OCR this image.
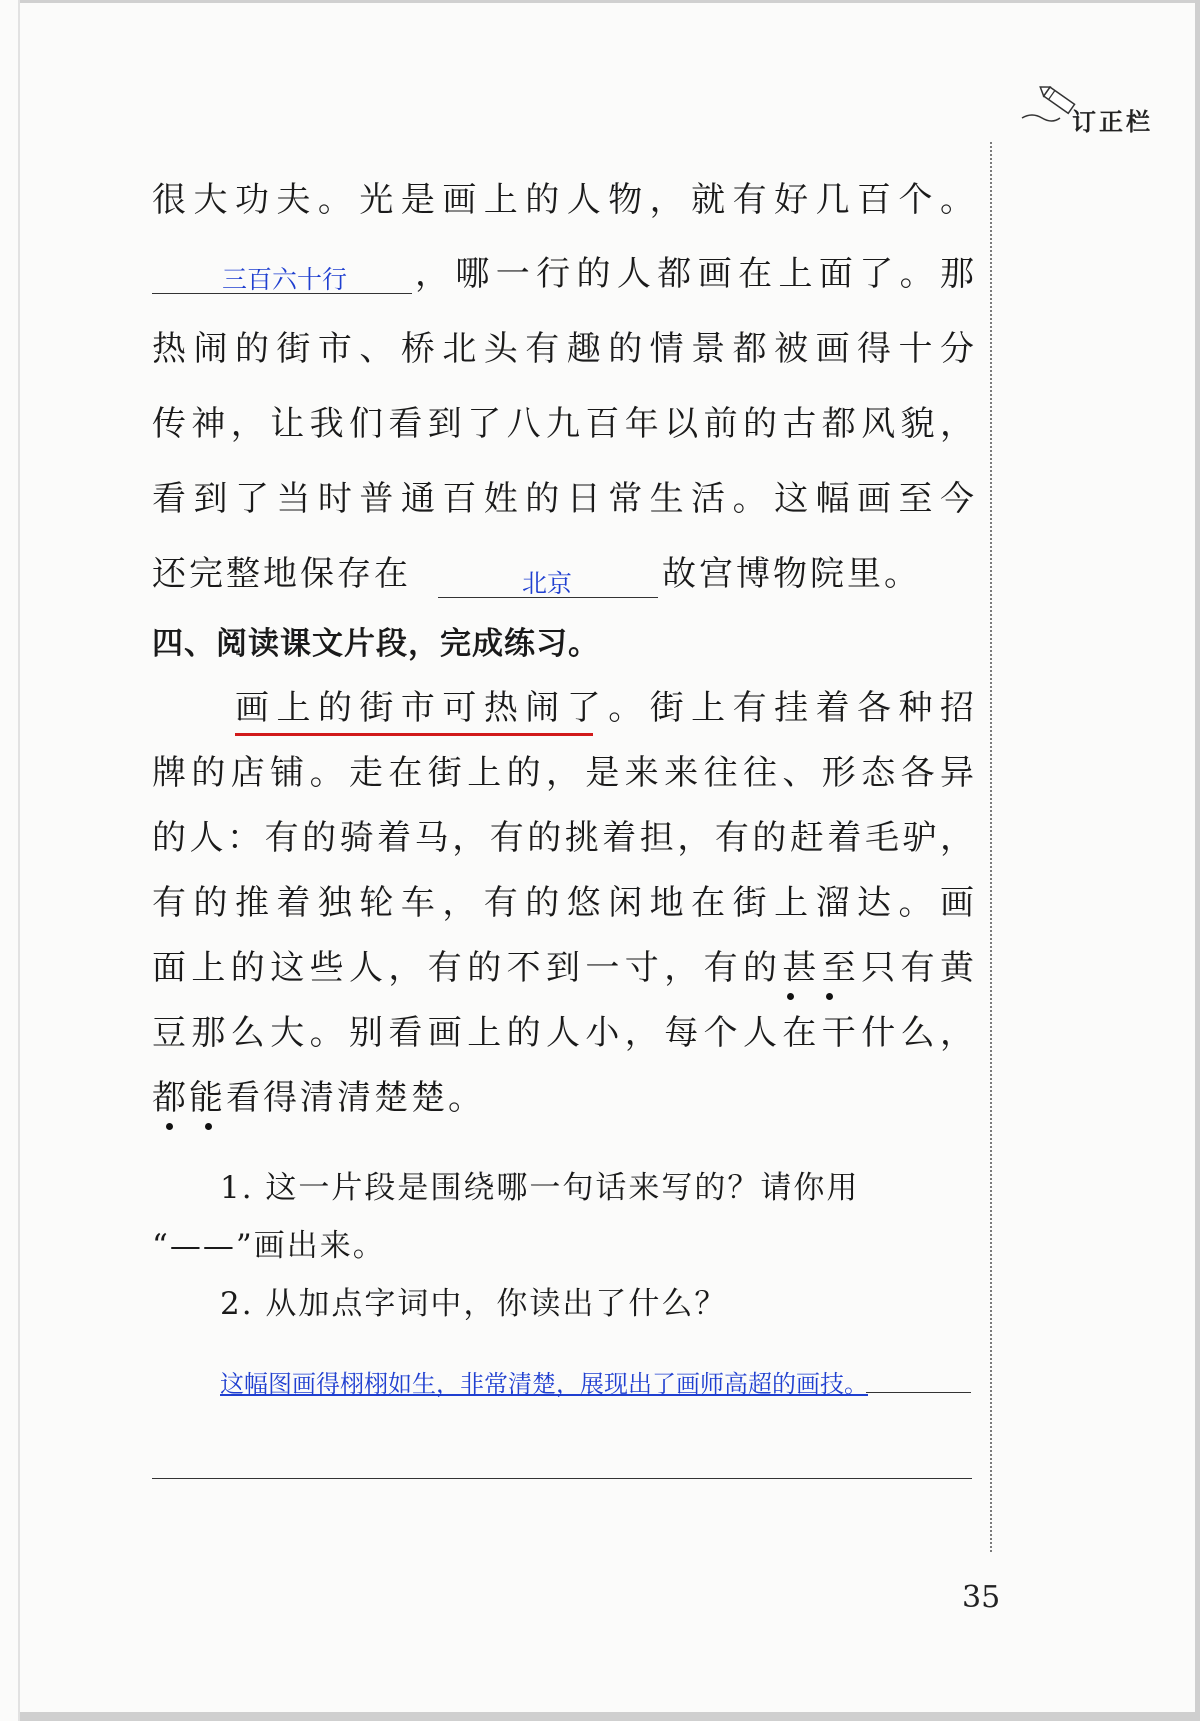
订正栏
很大功夫。光是画上的人物，就有好几百个。
三百六十行 ，哪一行的人都画在上面了。那
热闹的街市、桥北头有趣的情景都被画得十分
传神，让我们看到了八九百年以前的古都风貌，
看到了当时普通百姓的日常生活。这幅画至今
还完整地保存在	北京	故宫博物院里。
四、阅读课文片段，完成练习。
画上的街市可热闹了。街上有挂着各种招
牌的店铺。走在街上的，是来来往往、形态各异
的人：有的骑着马，有的挑着担，有的赶着毛驴，
有的推着独轮车，有的悠闲地在街上溜达。画
面上的这些人，有的不到一寸，有的甚至只有黄
豆那么大。别看画上的人小，每个人在干什么，
都能看得清清楚楚。
1. 这一片段是围绕哪一句话来写的？请你用
“——”画出来。
2. 从加点字词中，你读出了什么？
这幅图画得栩栩如生，非常清楚，展现出了画师高超的画技。
35
